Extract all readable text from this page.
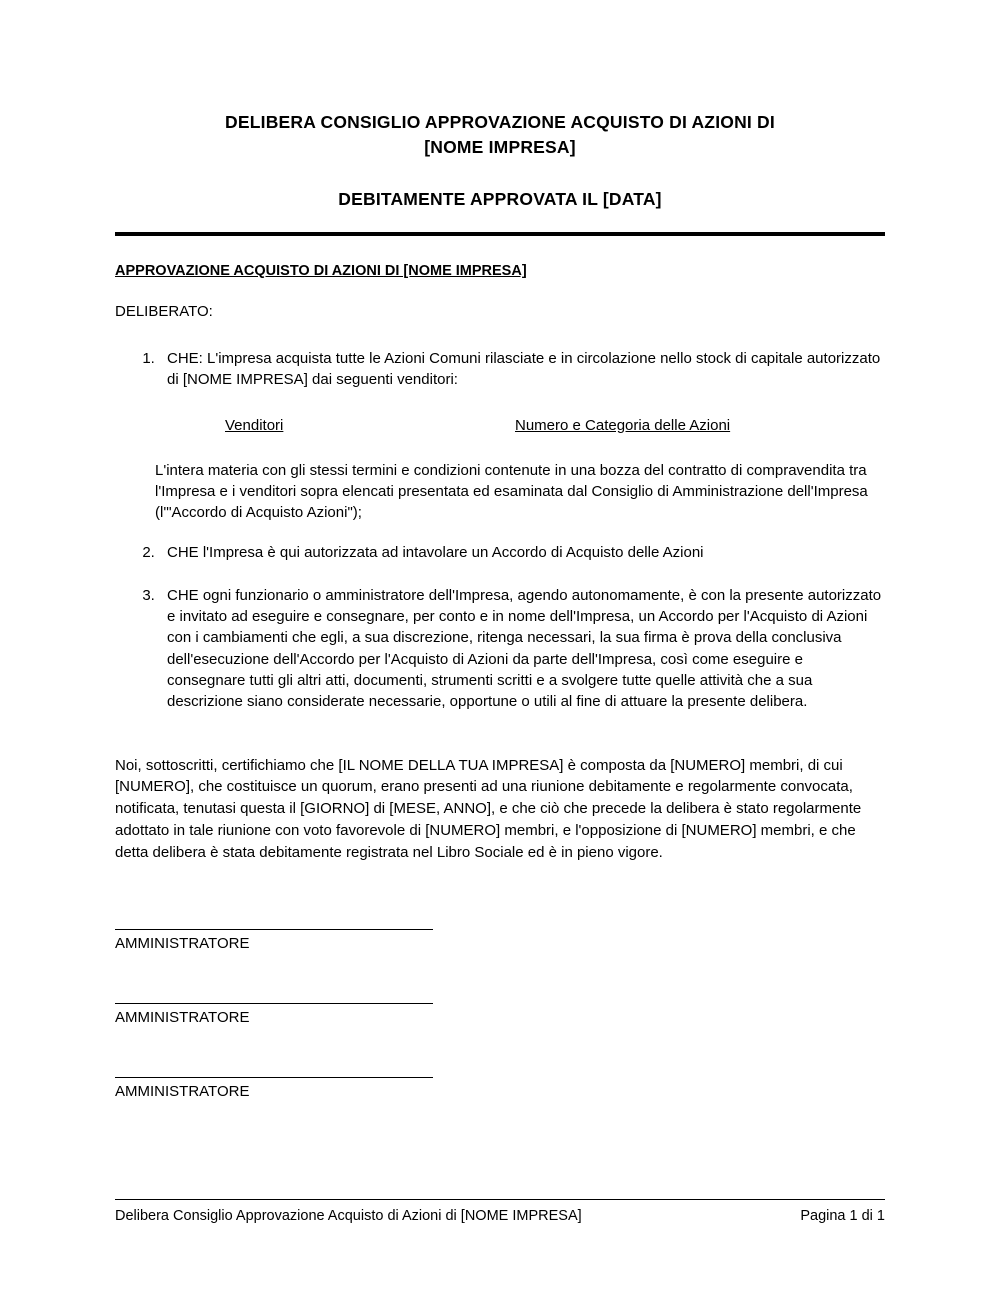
DELIBERA CONSIGLIO APPROVAZIONE ACQUISTO DI AZIONI DI
[NOME IMPRESA]
DEBITAMENTE APPROVATA IL [DATA]
APPROVAZIONE ACQUISTO DI AZIONI DI [NOME IMPRESA]
DELIBERATO:
1. CHE: L'impresa acquista tutte le Azioni Comuni rilasciate e in circolazione nello stock di capitale autorizzato di [NOME IMPRESA] dai seguenti venditori:
Venditori	Numero e Categoria delle Azioni
L'intera materia con gli stessi termini e condizioni contenute in una bozza del contratto di compravendita tra l'Impresa e i venditori sopra elencati presentata ed esaminata dal Consiglio di Amministrazione dell'Impresa (l'"Accordo di Acquisto Azioni");
2. CHE l'Impresa è qui autorizzata ad intavolare un Accordo di Acquisto delle Azioni
3. CHE ogni funzionario o amministratore dell'Impresa, agendo autonomamente, è con la presente autorizzato e invitato ad eseguire e consegnare, per conto e in nome dell'Impresa, un Accordo per l'Acquisto di Azioni con i cambiamenti che egli, a sua discrezione, ritenga necessari, la sua firma è prova della conclusiva dell'esecuzione dell'Accordo per l'Acquisto di Azioni da parte dell'Impresa, così come eseguire e consegnare tutti gli altri atti, documenti, strumenti scritti e a svolgere tutte quelle attività che a sua descrizione siano considerate necessarie, opportune o utili al fine di attuare la presente delibera.
Noi, sottoscritti, certifichiamo che [IL NOME DELLA TUA IMPRESA] è composta da [NUMERO] membri, di cui [NUMERO], che costituisce un quorum, erano presenti ad una riunione debitamente e regolarmente convocata, notificata, tenutasi questa il [GIORNO] di [MESE, ANNO], e che ciò che precede la delibera è stato regolarmente adottato in tale riunione con voto favorevole di [NUMERO] membri, e l'opposizione di [NUMERO] membri, e che detta delibera è stata debitamente registrata nel Libro Sociale ed è in pieno vigore.
AMMINISTRATORE
AMMINISTRATORE
AMMINISTRATORE
Delibera Consiglio Approvazione Acquisto di Azioni di [NOME IMPRESA]	Pagina 1 di 1
